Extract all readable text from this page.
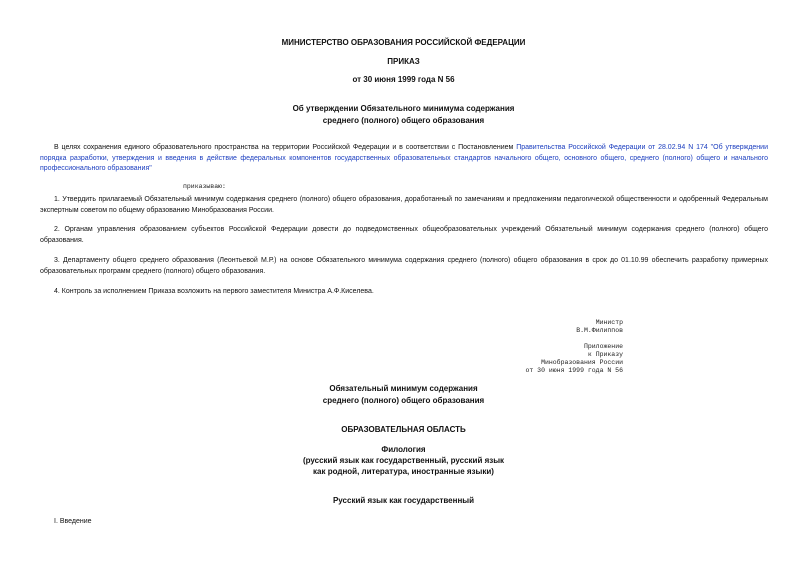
МИНИСТЕРСТВО ОБРАЗОВАНИЯ РОССИЙСКОЙ ФЕДЕРАЦИИ
ПРИКАЗ
от 30 июня 1999 года N 56
Об утверждении Обязательного минимума содержания
среднего (полного) общего образования
В целях сохранения единого образовательного пространства на территории Российской Федерации и в соответствии с Постановлением Правительства Российской Федерации от 28.02.94 N 174 "Об утверждении порядка разработки, утверждения и введения в действие федеральных компонентов государственных образовательных стандартов начального общего, основного общего, среднего (полного) общего и начального профессионального образования"
приказываю:
1. Утвердить прилагаемый Обязательный минимум содержания среднего (полного) общего образования, доработанный по замечаниям и предложениям педагогической общественности и одобренный Федеральным экспертным советом по общему образованию Минобразования России.
2. Органам управления образованием субъектов Российской Федерации довести до подведомственных общеобразовательных учреждений Обязательный минимум содержания среднего (полного) общего образования.
3. Департаменту общего среднего образования (Леонтьевой М.Р.) на основе Обязательного минимума содержания среднего (полного) общего образования в срок до 01.10.99 обеспечить разработку примерных образовательных программ среднего (полного) общего образования.
4. Контроль за исполнением Приказа возложить на первого заместителя Министра А.Ф.Киселева.
Министр
В.М.Филиппов
Приложение
к Приказу
Минобразования России
от 30 июня 1999 года N 56
Обязательный минимум содержания
среднего (полного) общего образования
ОБРАЗОВАТЕЛЬНАЯ ОБЛАСТЬ
Филология
(русский язык как государственный, русский язык
как родной, литература, иностранные языки)
Русский язык как государственный
I. Введение
